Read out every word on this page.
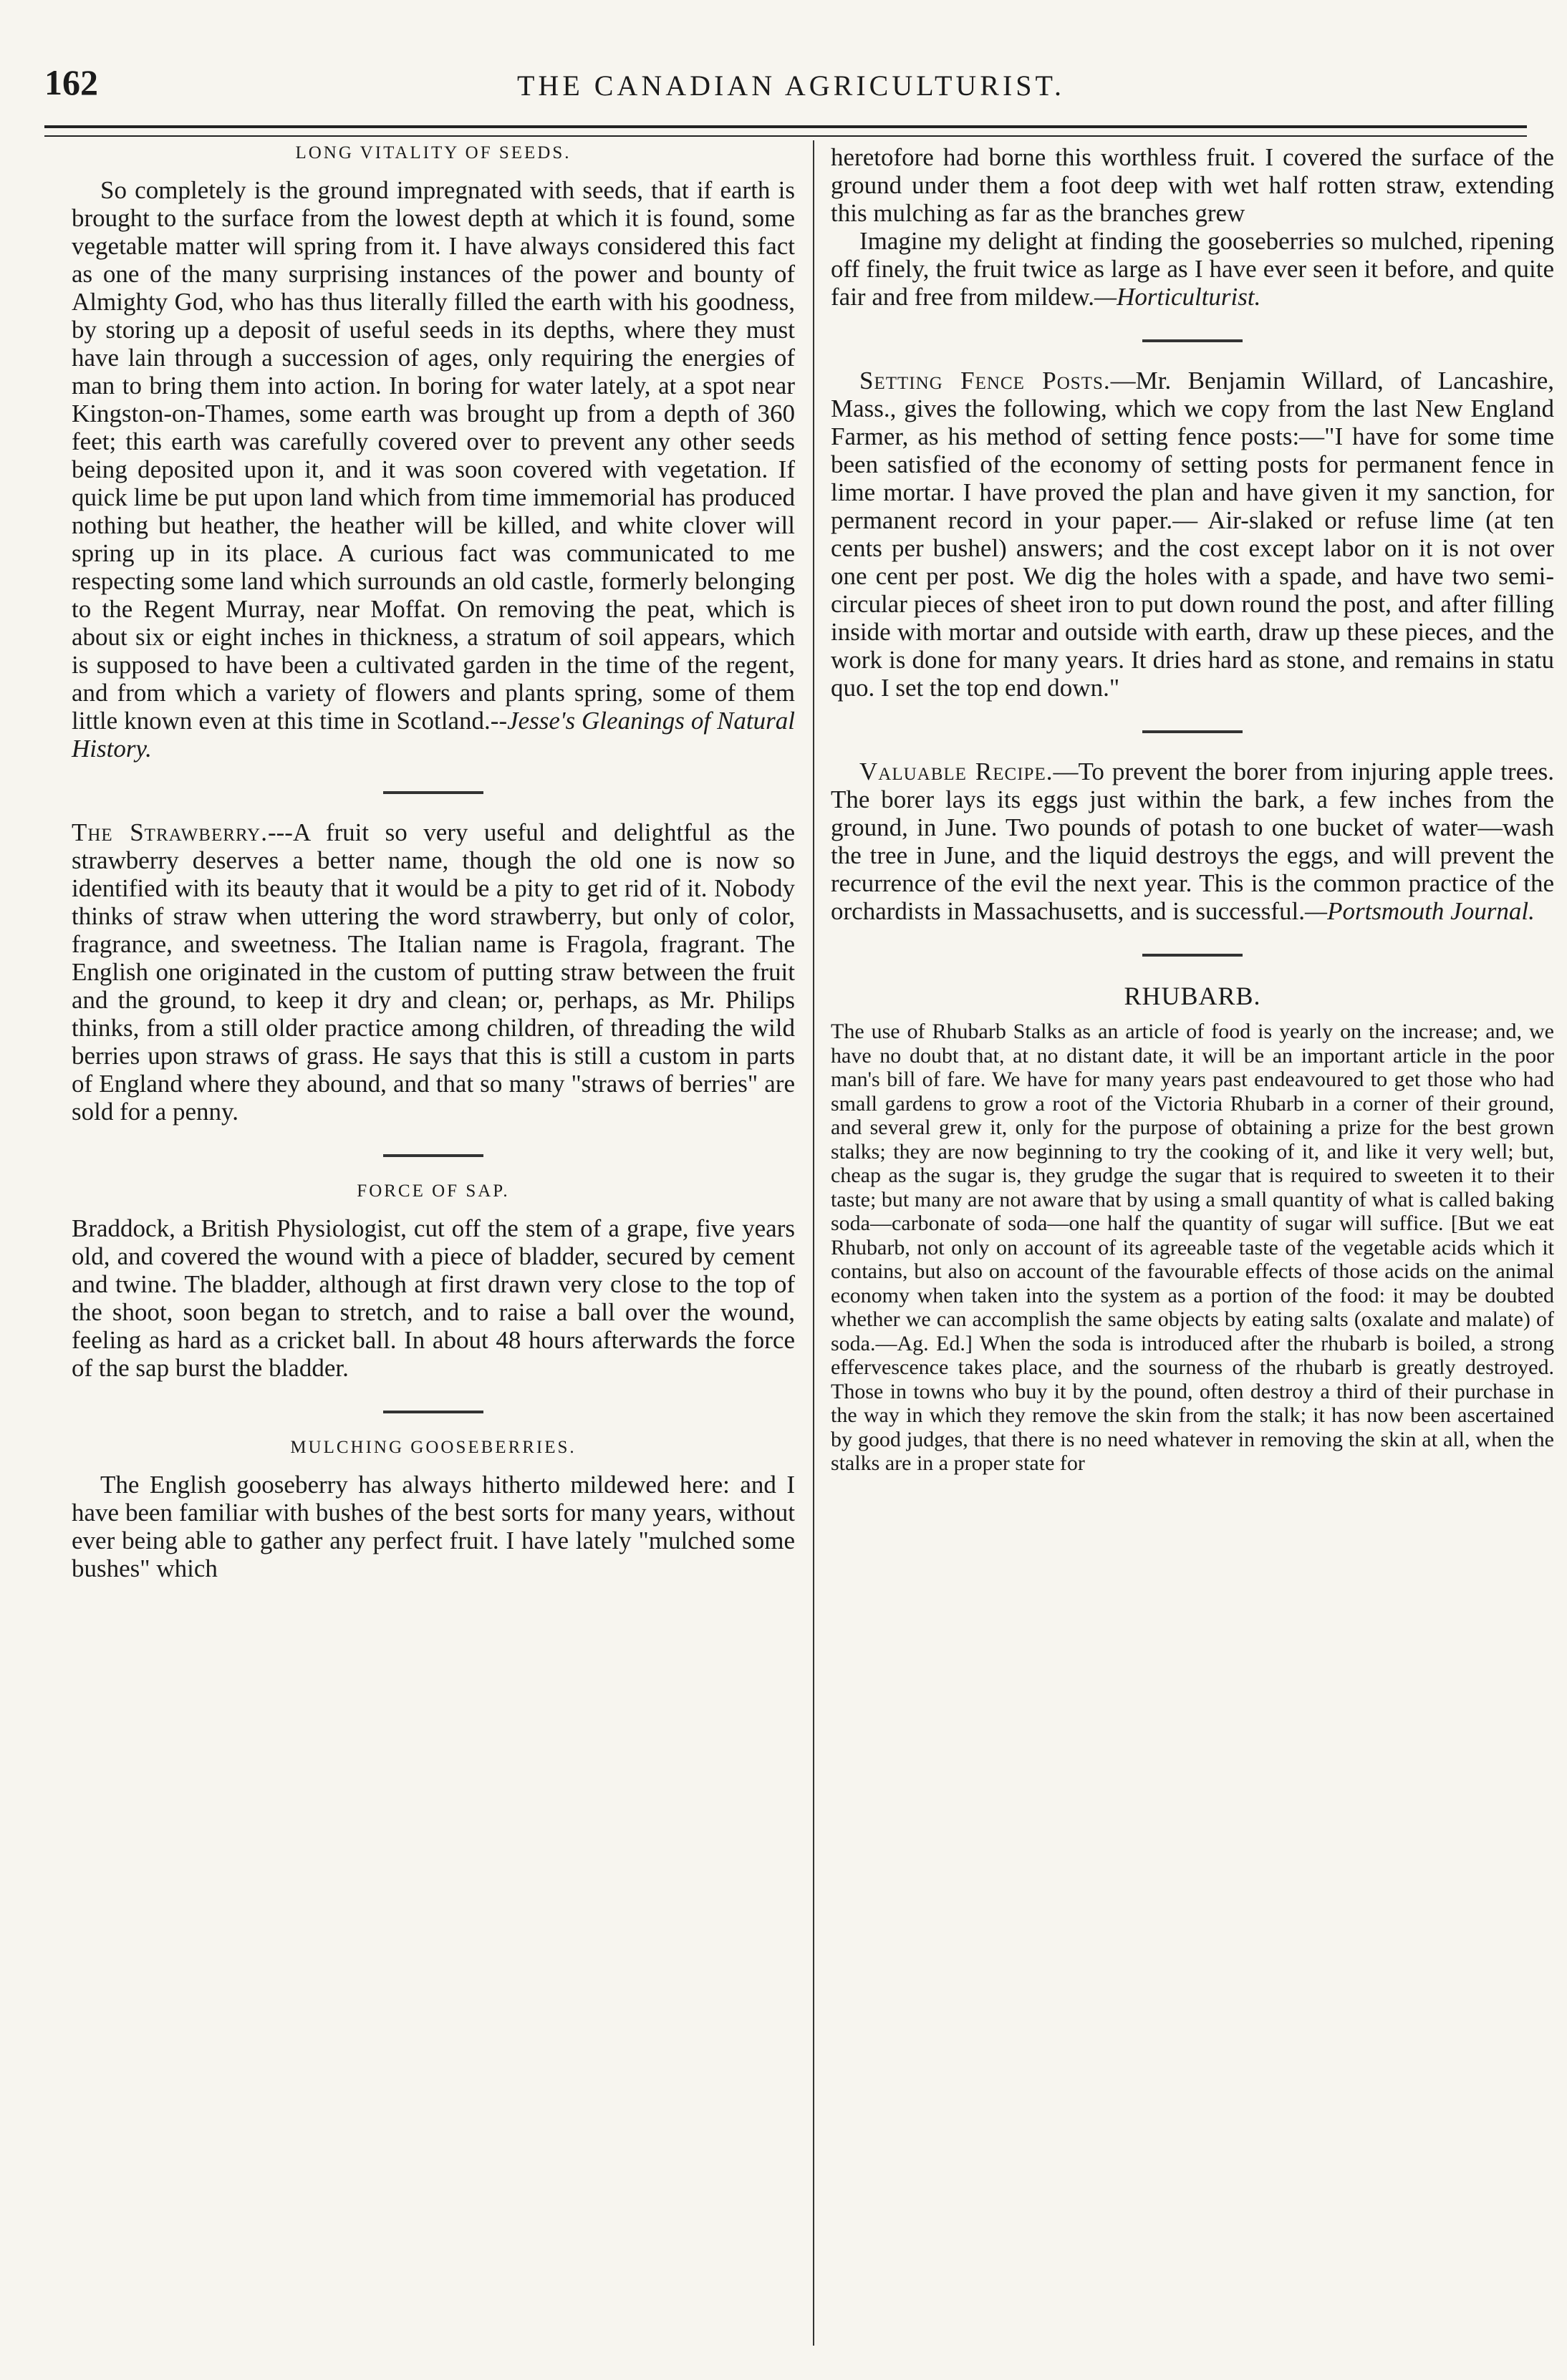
162	THE CANADIAN AGRICULTURIST.
LONG VITALITY OF SEEDS.

So completely is the ground impregnated with seeds, that if earth is brought to the surface from the lowest depth at which it is found, some vegetable matter will spring from it. I have always considered this fact as one of the many surprising instances of the power and bounty of Almighty God, who has thus literally filled the earth with his goodness, by storing up a deposit of useful seeds in its depths, where they must have lain through a succession of ages, only requiring the energies of man to bring them into action. In boring for water lately, at a spot near Kingston-on-Thames, some earth was brought up from a depth of 360 feet; this earth was carefully covered over to prevent any other seeds being deposited upon it, and it was soon covered with vegetation. If quick lime be put upon land which from time immemorial has produced nothing but heather, the heather will be killed, and white clover will spring up in its place. A curious fact was communicated to me respecting some land which surrounds an old castle, formerly belonging to the Regent Murray, near Moffat. On removing the peat, which is about six or eight inches in thickness, a stratum of soil appears, which is supposed to have been a cultivated garden in the time of the regent, and from which a variety of flowers and plants spring, some of them little known even at this time in Scotland.--Jesse's Gleanings of Natural History.

The Strawberry.---A fruit so very useful and delightful as the strawberry deserves a better name, though the old one is now so identified with its beauty that it would be a pity to get rid of it. Nobody thinks of straw when uttering the word strawberry, but only of color, fragrance, and sweetness. The Italian name is Fragola, fragrant. The English one originated in the custom of putting straw between the fruit and the ground, to keep it dry and clean; or, perhaps, as Mr. Philips thinks, from a still older practice among children, of threading the wild berries upon straws of grass. He says that this is still a custom in parts of England where they abound, and that so many "straws of berries" are sold for a penny.

FORCE OF SAP.

Braddock, a British Physiologist, cut off the stem of a grape, five years old, and covered the wound with a piece of bladder, secured by cement and twine. The bladder, although at first drawn very close to the top of the shoot, soon began to stretch, and to raise a ball over the wound, feeling as hard as a cricket ball. In about 48 hours afterwards the force of the sap burst the bladder.

MULCHING GOOSEBERRIES.

The English gooseberry has always hitherto mildewed here: and I have been familiar with bushes of the best sorts for many years, without ever being able to gather any perfect fruit. I have lately "mulched some bushes" which

heretofore had borne this worthless fruit. I covered the surface of the ground under them a foot deep with wet half rotten straw, extending this mulching as far as the branches grew

Imagine my delight at finding the gooseberries so mulched, ripening off finely, the fruit twice as large as I have ever seen it before, and quite fair and free from mildew.—Horticulturist.

Setting Fence Posts.—Mr. Benjamin Willard, of Lancashire, Mass., gives the following, which we copy from the last New England Farmer, as his method of setting fence posts:—"I have for some time been satisfied of the economy of setting posts for permanent fence in lime mortar. I have proved the plan and have given it my sanction, for permanent record in your paper.— Air-slaked or refuse lime (at ten cents per bushel) answers; and the cost except labor on it is not over one cent per post. We dig the holes with a spade, and have two semi-circular pieces of sheet iron to put down round the post, and after filling inside with mortar and outside with earth, draw up these pieces, and the work is done for many years. It dries hard as stone, and remains in statu quo. I set the top end down."

Valuable Recipe.—To prevent the borer from injuring apple trees. The borer lays its eggs just within the bark, a few inches from the ground, in June. Two pounds of potash to one bucket of water—wash the tree in June, and the liquid destroys the eggs, and will prevent the recurrence of the evil the next year. This is the common practice of the orchardists in Massachusetts, and is successful.—Portsmouth Journal.

RHUBARB.

The use of Rhubarb Stalks as an article of food is yearly on the increase; and, we have no doubt that, at no distant date, it will be an important article in the poor man's bill of fare. We have for many years past endeavoured to get those who had small gardens to grow a root of the Victoria Rhubarb in a corner of their ground, and several grew it, only for the purpose of obtaining a prize for the best grown stalks; they are now beginning to try the cooking of it, and like it very well; but, cheap as the sugar is, they grudge the sugar that is required to sweeten it to their taste; but many are not aware that by using a small quantity of what is called baking soda—carbonate of soda—one half the quantity of sugar will suffice. [But we eat Rhubarb, not only on account of its agreeable taste of the vegetable acids which it contains, but also on account of the favourable effects of those acids on the animal economy when taken into the system as a portion of the food: it may be doubted whether we can accomplish the same objects by eating salts (oxalate and malate) of soda.—Ag. Ed.] When the soda is introduced after the rhubarb is boiled, a strong effervescence takes place, and the sourness of the rhubarb is greatly destroyed. Those in towns who buy it by the pound, often destroy a third of their purchase in the way in which they remove the skin from the stalk; it has now been ascertained by good judges, that there is no need whatever in removing the skin at all, when the stalks are in a proper state for
